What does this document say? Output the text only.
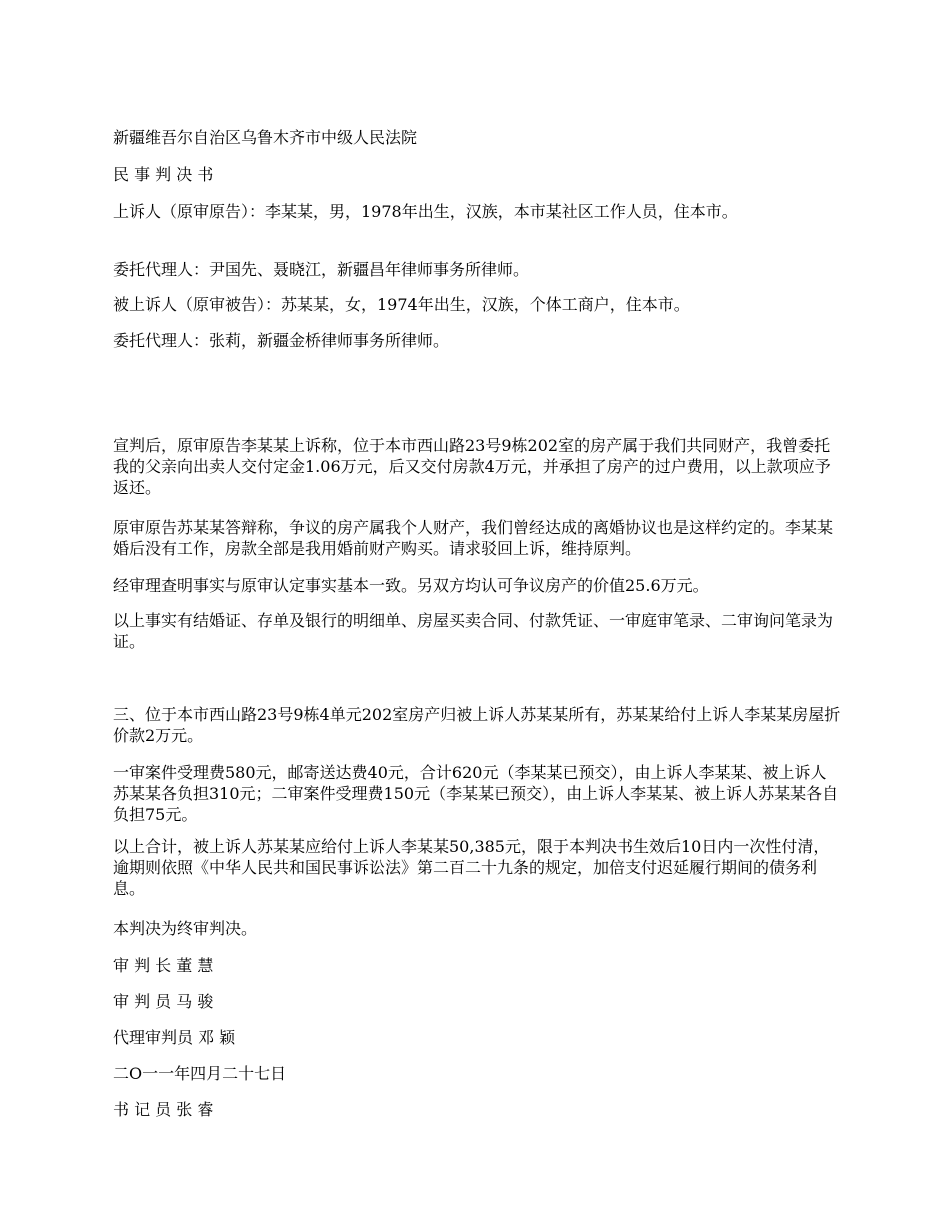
新疆维吾尔自治区乌鲁木齐市中级人民法院

民 事 判 决 书

上诉人（原审原告）：李某某，男，1978年出生，汉族，本市某社区工作人员，住本市。

委托代理人：尹国先、聂晓江，新疆昌年律师事务所律师。

被上诉人（原审被告）：苏某某，女，1974年出生，汉族，个体工商户，住本市。

委托代理人：张莉，新疆金桥律师事务所律师。

宣判后，原审原告李某某上诉称，位于本市西山路23号9栋202室的房产属于我们共同财产，我曾委托我的父亲向出卖人交付定金1.06万元，后又交付房款4万元，并承担了房产的过户费用，以上款项应予返还。

原审原告苏某某答辩称，争议的房产属我个人财产，我们曾经达成的离婚协议也是这样约定的。李某某婚后没有工作，房款全部是我用婚前财产购买。请求驳回上诉，维持原判。

经审理查明事实与原审认定事实基本一致。另双方均认可争议房产的价值25.6万元。

以上事实有结婚证、存单及银行的明细单、房屋买卖合同、付款凭证、一审庭审笔录、二审询问笔录为证。

三、位于本市西山路23号9栋4单元202室房产归被上诉人苏某某所有，苏某某给付上诉人李某某房屋折价款2万元。

一审案件受理费580元，邮寄送达费40元，合计620元（李某某已预交），由上诉人李某某、被上诉人苏某某各负担310元；二审案件受理费150元（李某某已预交），由上诉人李某某、被上诉人苏某某各自负担75元。

以上合计，被上诉人苏某某应给付上诉人李某某50,385元，限于本判决书生效后10日内一次性付清，逾期则依照《中华人民共和国民事诉讼法》第二百二十九条的规定，加倍支付迟延履行期间的债务利息。

本判决为终审判决。

审 判 长 董 慧

审 判 员 马 骏

代理审判员 邓 颖

二O一一年四月二十七日

书 记 员 张 睿
